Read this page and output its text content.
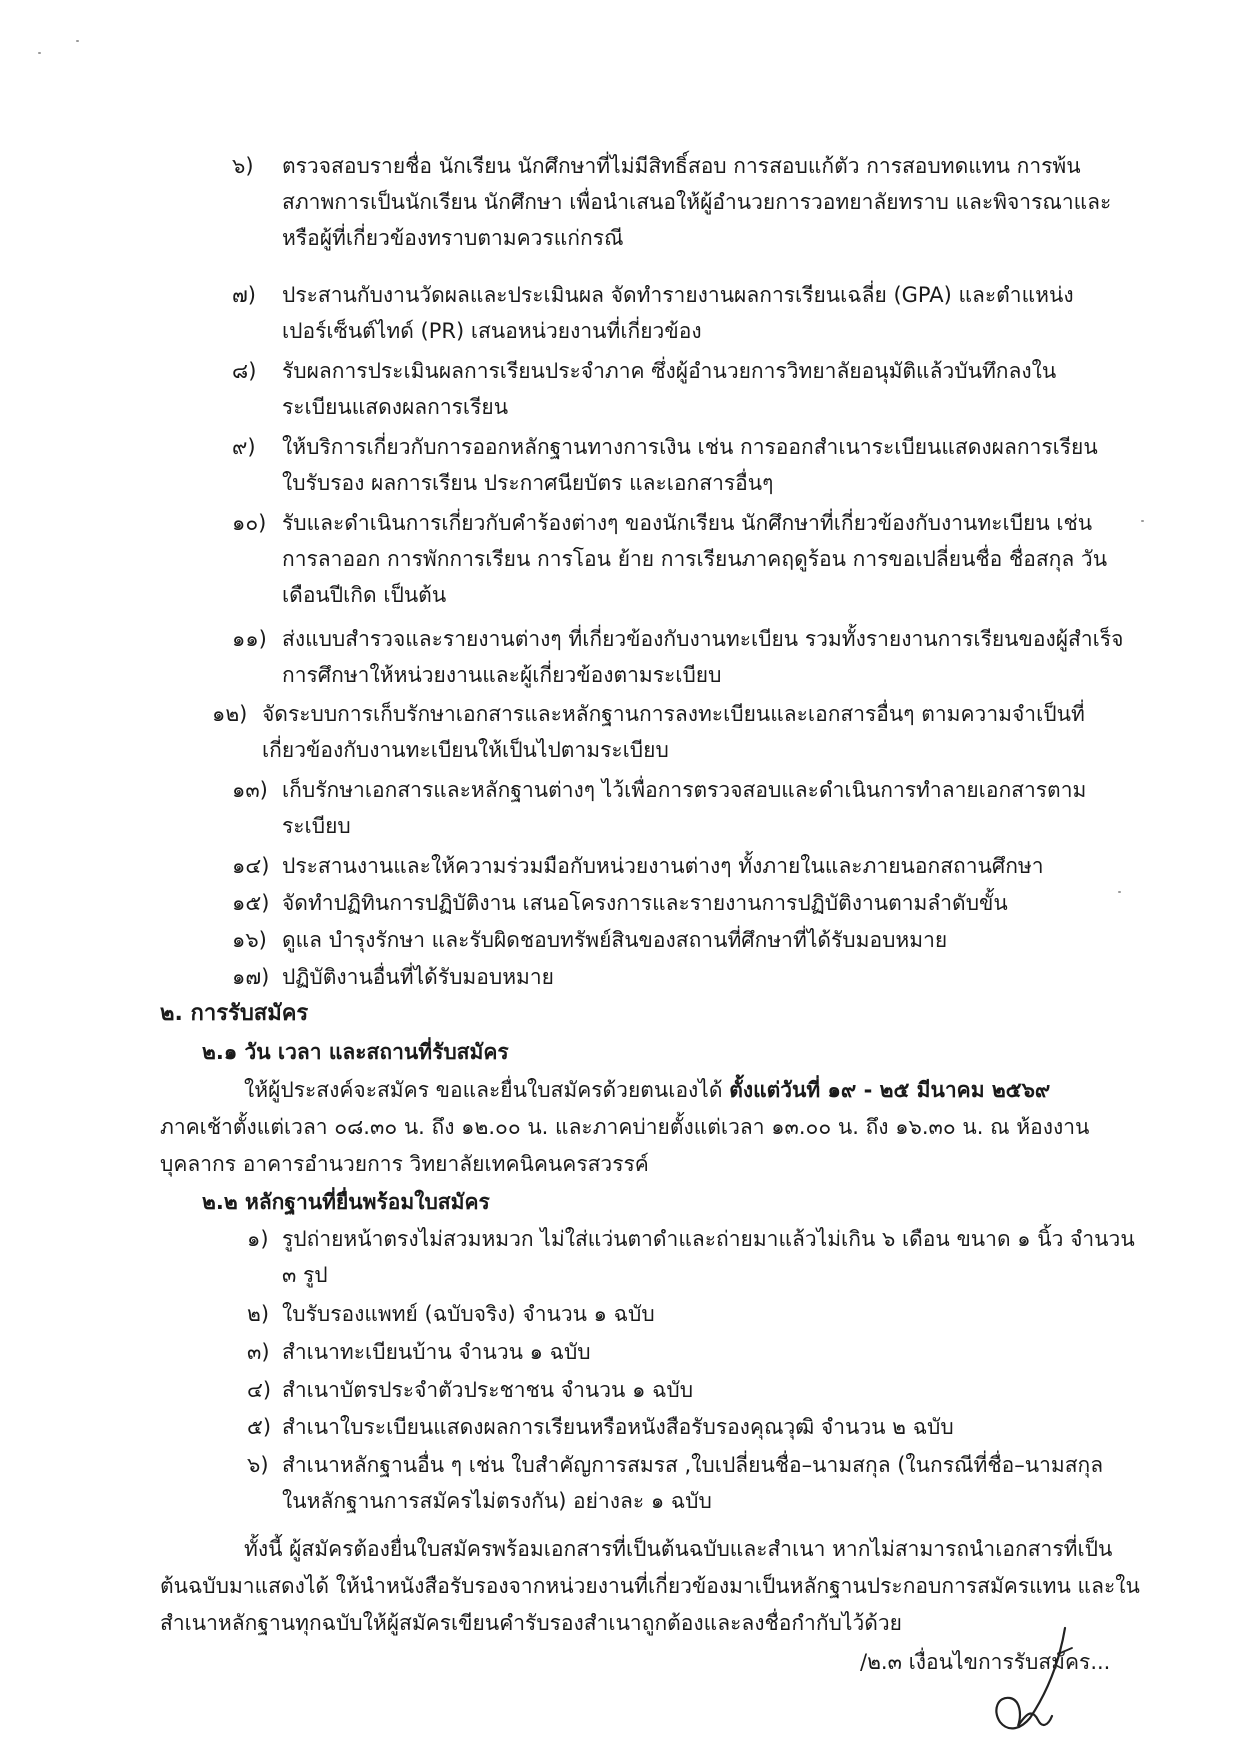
๖) ตรวจสอบรายชื่อ นักเรียน นักศึกษาที่ไม่มีสิทธิ์สอบ การสอบแก้ตัว การสอบทดแทน การพ้น
สภาพการเป็นนักเรียน นักศึกษา เพื่อนำเสนอให้ผู้อำนวยการวอทยาลัยทราบ และพิจารณาและ
หรือผู้ที่เกี่ยวข้องทราบตามควรแก่กรณี
๗) ประสานกับงานวัดผลและประเมินผล จัดทำรายงานผลการเรียนเฉลี่ย (GPA) และตำแหน่ง
เปอร์เซ็นต์ไทด์ (PR) เสนอหน่วยงานที่เกี่ยวข้อง
๘) รับผลการประเมินผลการเรียนประจำภาค ซึ่งผู้อำนวยการวิทยาลัยอนุมัติแล้วบันทึกลงใน
ระเบียนแสดงผลการเรียน
๙) ให้บริการเกี่ยวกับการออกหลักฐานทางการเงิน เช่น การออกสำเนาระเบียนแสดงผลการเรียน
ใบรับรอง ผลการเรียน ประกาศนียบัตร และเอกสารอื่นๆ
๑๐) รับและดำเนินการเกี่ยวกับคำร้องต่างๆ ของนักเรียน นักศึกษาที่เกี่ยวข้องกับงานทะเบียน เช่น
การลาออก การพักการเรียน การโอน ย้าย การเรียนภาคฤดูร้อน การขอเปลี่ยนชื่อ ชื่อสกุล วัน
เดือนปีเกิด เป็นต้น
๑๑) ส่งแบบสำรวจและรายงานต่างๆ ที่เกี่ยวข้องกับงานทะเบียน รวมทั้งรายงานการเรียนของผู้สำเร็จ
การศึกษาให้หน่วยงานและผู้เกี่ยวข้องตามระเบียบ
๑๒) จัดระบบการเก็บรักษาเอกสารและหลักฐานการลงทะเบียนและเอกสารอื่นๆ ตามความจำเป็นที่
เกี่ยวข้องกับงานทะเบียนให้เป็นไปตามระเบียบ
๑๓) เก็บรักษาเอกสารและหลักฐานต่างๆ ไว้เพื่อการตรวจสอบและดำเนินการทำลายเอกสารตาม
ระเบียบ
๑๔) ประสานงานและให้ความร่วมมือกับหน่วยงานต่างๆ ทั้งภายในและภายนอกสถานศึกษา
๑๕) จัดทำปฏิทินการปฏิบัติงาน เสนอโครงการและรายงานการปฏิบัติงานตามลำดับขั้น
๑๖) ดูแล บำรุงรักษา และรับผิดชอบทรัพย์สินของสถานที่ศึกษาที่ได้รับมอบหมาย
๑๗) ปฏิบัติงานอื่นที่ได้รับมอบหมาย
๒. การรับสมัคร
๒.๑ วัน เวลา และสถานที่รับสมัคร
ให้ผู้ประสงค์จะสมัคร ขอและยื่นใบสมัครด้วยตนเองได้ ตั้งแต่วันที่ ๑๙ - ๒๕ มีนาคม ๒๕๖๙
ภาคเช้าตั้งแต่เวลา ๐๘.๓๐ น. ถึง ๑๒.๐๐ น. และภาคบ่ายตั้งแต่เวลา ๑๓.๐๐ น. ถึง ๑๖.๓๐ น. ณ ห้องงาน
บุคลากร อาคารอำนวยการ วิทยาลัยเทคนิคนครสวรรค์
๒.๒ หลักฐานที่ยื่นพร้อมใบสมัคร
๑) รูปถ่ายหน้าตรงไม่สวมหมวก ไม่ใส่แว่นตาดำและถ่ายมาแล้วไม่เกิน ๖ เดือน ขนาด ๑ นิ้ว จำนวน
๓ รูป
๒) ใบรับรองแพทย์ (ฉบับจริง) จำนวน ๑ ฉบับ
๓) สำเนาทะเบียนบ้าน จำนวน ๑ ฉบับ
๔) สำเนาบัตรประจำตัวประชาชน จำนวน ๑ ฉบับ
๕) สำเนาใบระเบียนแสดงผลการเรียนหรือหนังสือรับรองคุณวุฒิ จำนวน ๒ ฉบับ
๖) สำเนาหลักฐานอื่น ๆ เช่น ใบสำคัญการสมรส ,ใบเปลี่ยนชื่อ–นามสกุล (ในกรณีที่ชื่อ–นามสกุล
ในหลักฐานการสมัครไม่ตรงกัน) อย่างละ ๑ ฉบับ
ทั้งนี้ ผู้สมัครต้องยื่นใบสมัครพร้อมเอกสารที่เป็นต้นฉบับและสำเนา หากไม่สามารถนำเอกสารที่เป็น
ต้นฉบับมาแสดงได้ ให้นำหนังสือรับรองจากหน่วยงานที่เกี่ยวข้องมาเป็นหลักฐานประกอบการสมัครแทน และใน
สำเนาหลักฐานทุกฉบับให้ผู้สมัครเขียนคำรับรองสำเนาถูกต้องและลงชื่อกำกับไว้ด้วย
/๒.๓ เงื่อนไขการรับสมัคร...
